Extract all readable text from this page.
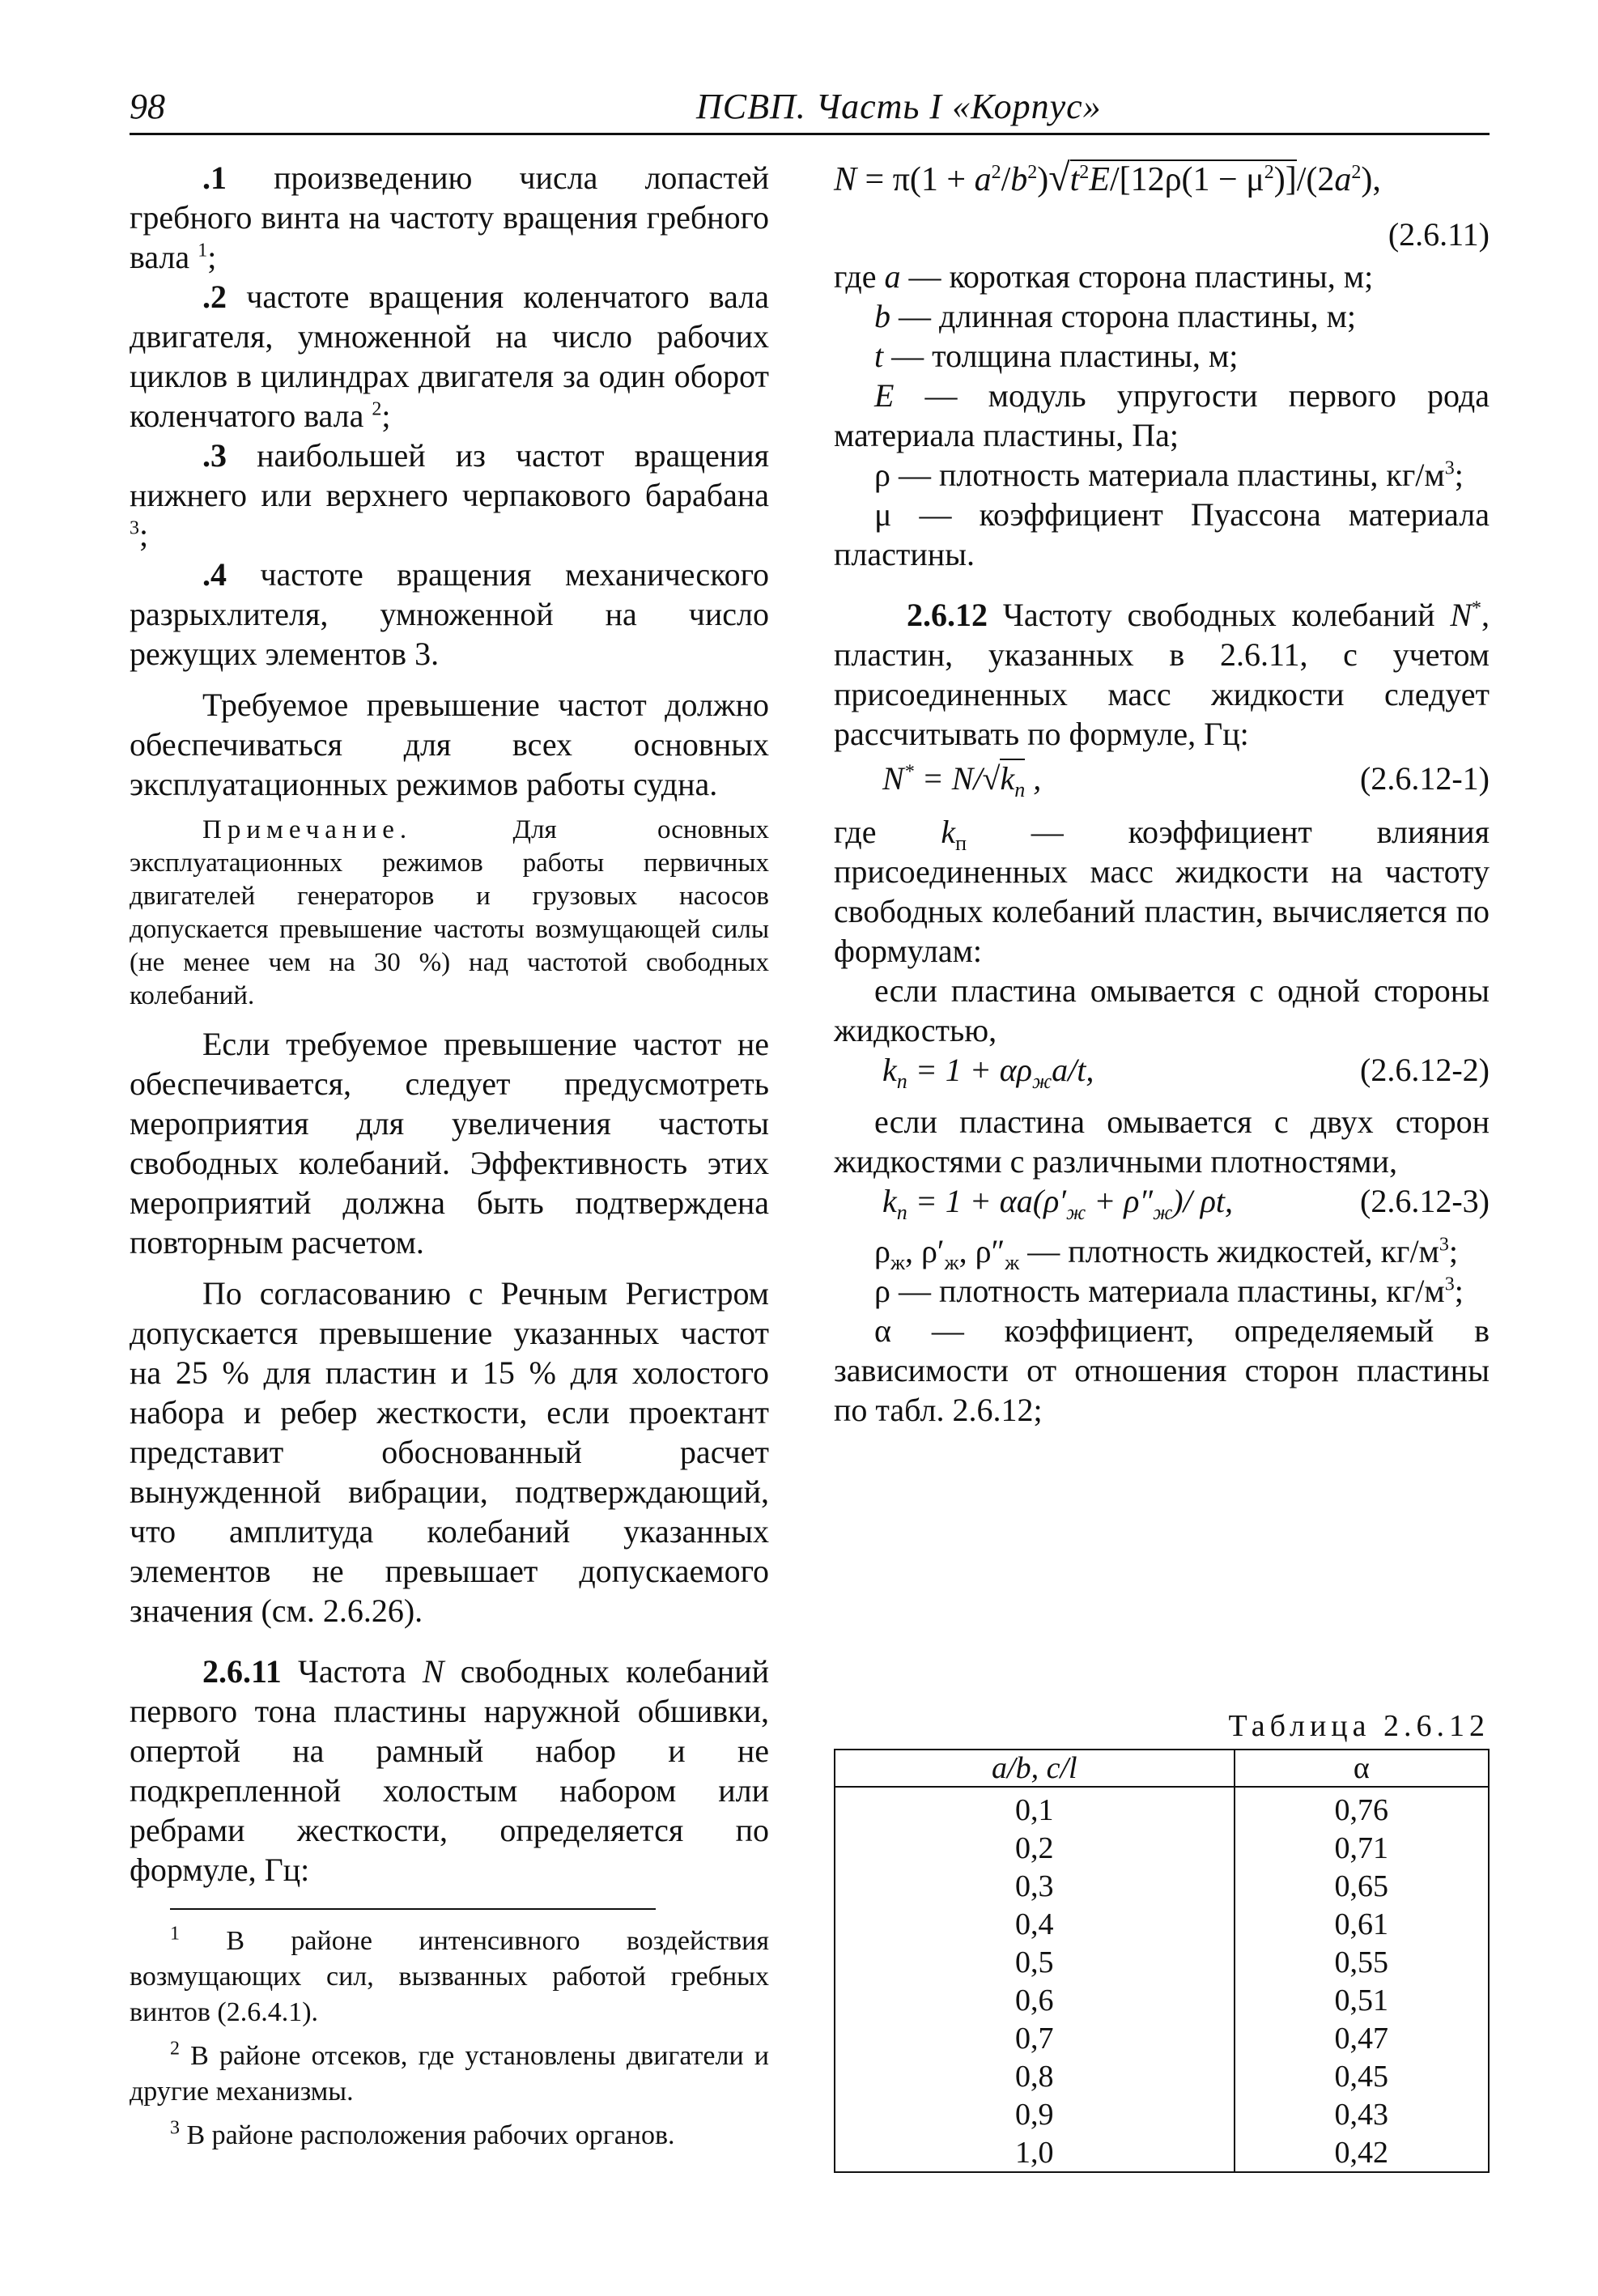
98	ПСВП. Часть I «Корпус»

.1 произведению числа лопастей гребного винта на частоту вращения гребного вала $^1$;

.2 частоте вращения коленчатого вала двигателя, умноженной на число рабочих циклов в цилиндрах двигателя за один оборот коленчатого вала $^2$;

.3 наибольшей из частот вращения нижнего или верхнего черпакового барабана $^3$;

.4 частоте вращения механического разрыхлителя, умноженной на число режущих элементов 3.

Требуемое превышение частот должно обеспечиваться для всех основных эксплуатационных режимов работы судна.

Примечание. Для основных эксплуатационных режимов работы первичных двигателей генераторов и грузовых насосов допускается превышение частоты возмущающей силы (не менее чем на 30 %) над частотой свободных колебаний.

Если требуемое превышение частот не обеспечивается, следует предусмотреть мероприятия для увеличения частоты свободных колебаний. Эффективность этих мероприятий должна быть подтверждена повторным расчетом.

По согласованию с Речным Регистром допускается превышение указанных частот на 25 % для пластин и 15 % для холостого набора и ребер жесткости, если проектант представит обоснованный расчет вынужденной вибрации, подтверждающий, что амплитуда колебаний указанных элементов не превышает допускаемого значения (см. 2.6.26).

2.6.11 Частота N свободных колебаний первого тона пластины наружной обшивки, опертой на рамный набор и не подкрепленной холостым набором или ребрами жесткости, определяется по формуле, Гц:

$^1$ В районе интенсивного воздействия возмущающих сил, вызванных работой гребных винтов (2.6.4.1).

$^2$ В районе отсеков, где установлены двигатели и другие механизмы.

$^3$ В районе расположения рабочих органов.

$N = \pi(1 + a^2/b^2)√t^2E/[12\rho(1 - \mu^2)]/(2a^2)$,

(2.6.11)

где a — короткая сторона пластины, м;

b — длинная сторона пластины, м;

t — толщина пластины, м;

E — модуль упругости первого рода материала пластины, Па;

ρ — плотность материала пластины, $кг/м^3$;

μ — коэффициент Пуассона материала пластины.

2.6.12 Частоту свободных колебаний N*, пластин, указанных в 2.6.11, с учетом присоединенных масс жидкости следует рассчитывать по формуле, Гц:

$N^* = N/√k_п$ ,	(2.6.12-1)

где $k_п$ — коэффициент влияния присоединенных масс жидкости на частоту свободных колебаний пластин, вычисляется по формулам:

если пластина омывается с одной стороны жидкостью,

$k_п = 1 + \alpha\rho_жa/t$,	(2.6.12-2)

если пластина омывается с двух сторон жидкостями с различными плотностями,

$k_п = 1 + \alpha a(\rho'_ж + \rho''_ж)/$ ρt,	(2.6.12-3)

$\rho_ж$, $\rho'_ж$, $\rho''_ж$ — плотность жидкостей, $кг/м^3$;

ρ — плотность материала пластины, $кг/м^3$;

α — коэффициент, определяемый в зависимости от отношения сторон пластины по табл. 2.6.12;

Таблица 2.6.12
a/b, c/l	α
0,1	0,76
0,2	0,71
0,3	0,65
0,4	0,61
0,5	0,55
0,6	0,51
0,7	0,47
0,8	0,45
0,9	0,43
1,0	0,42
